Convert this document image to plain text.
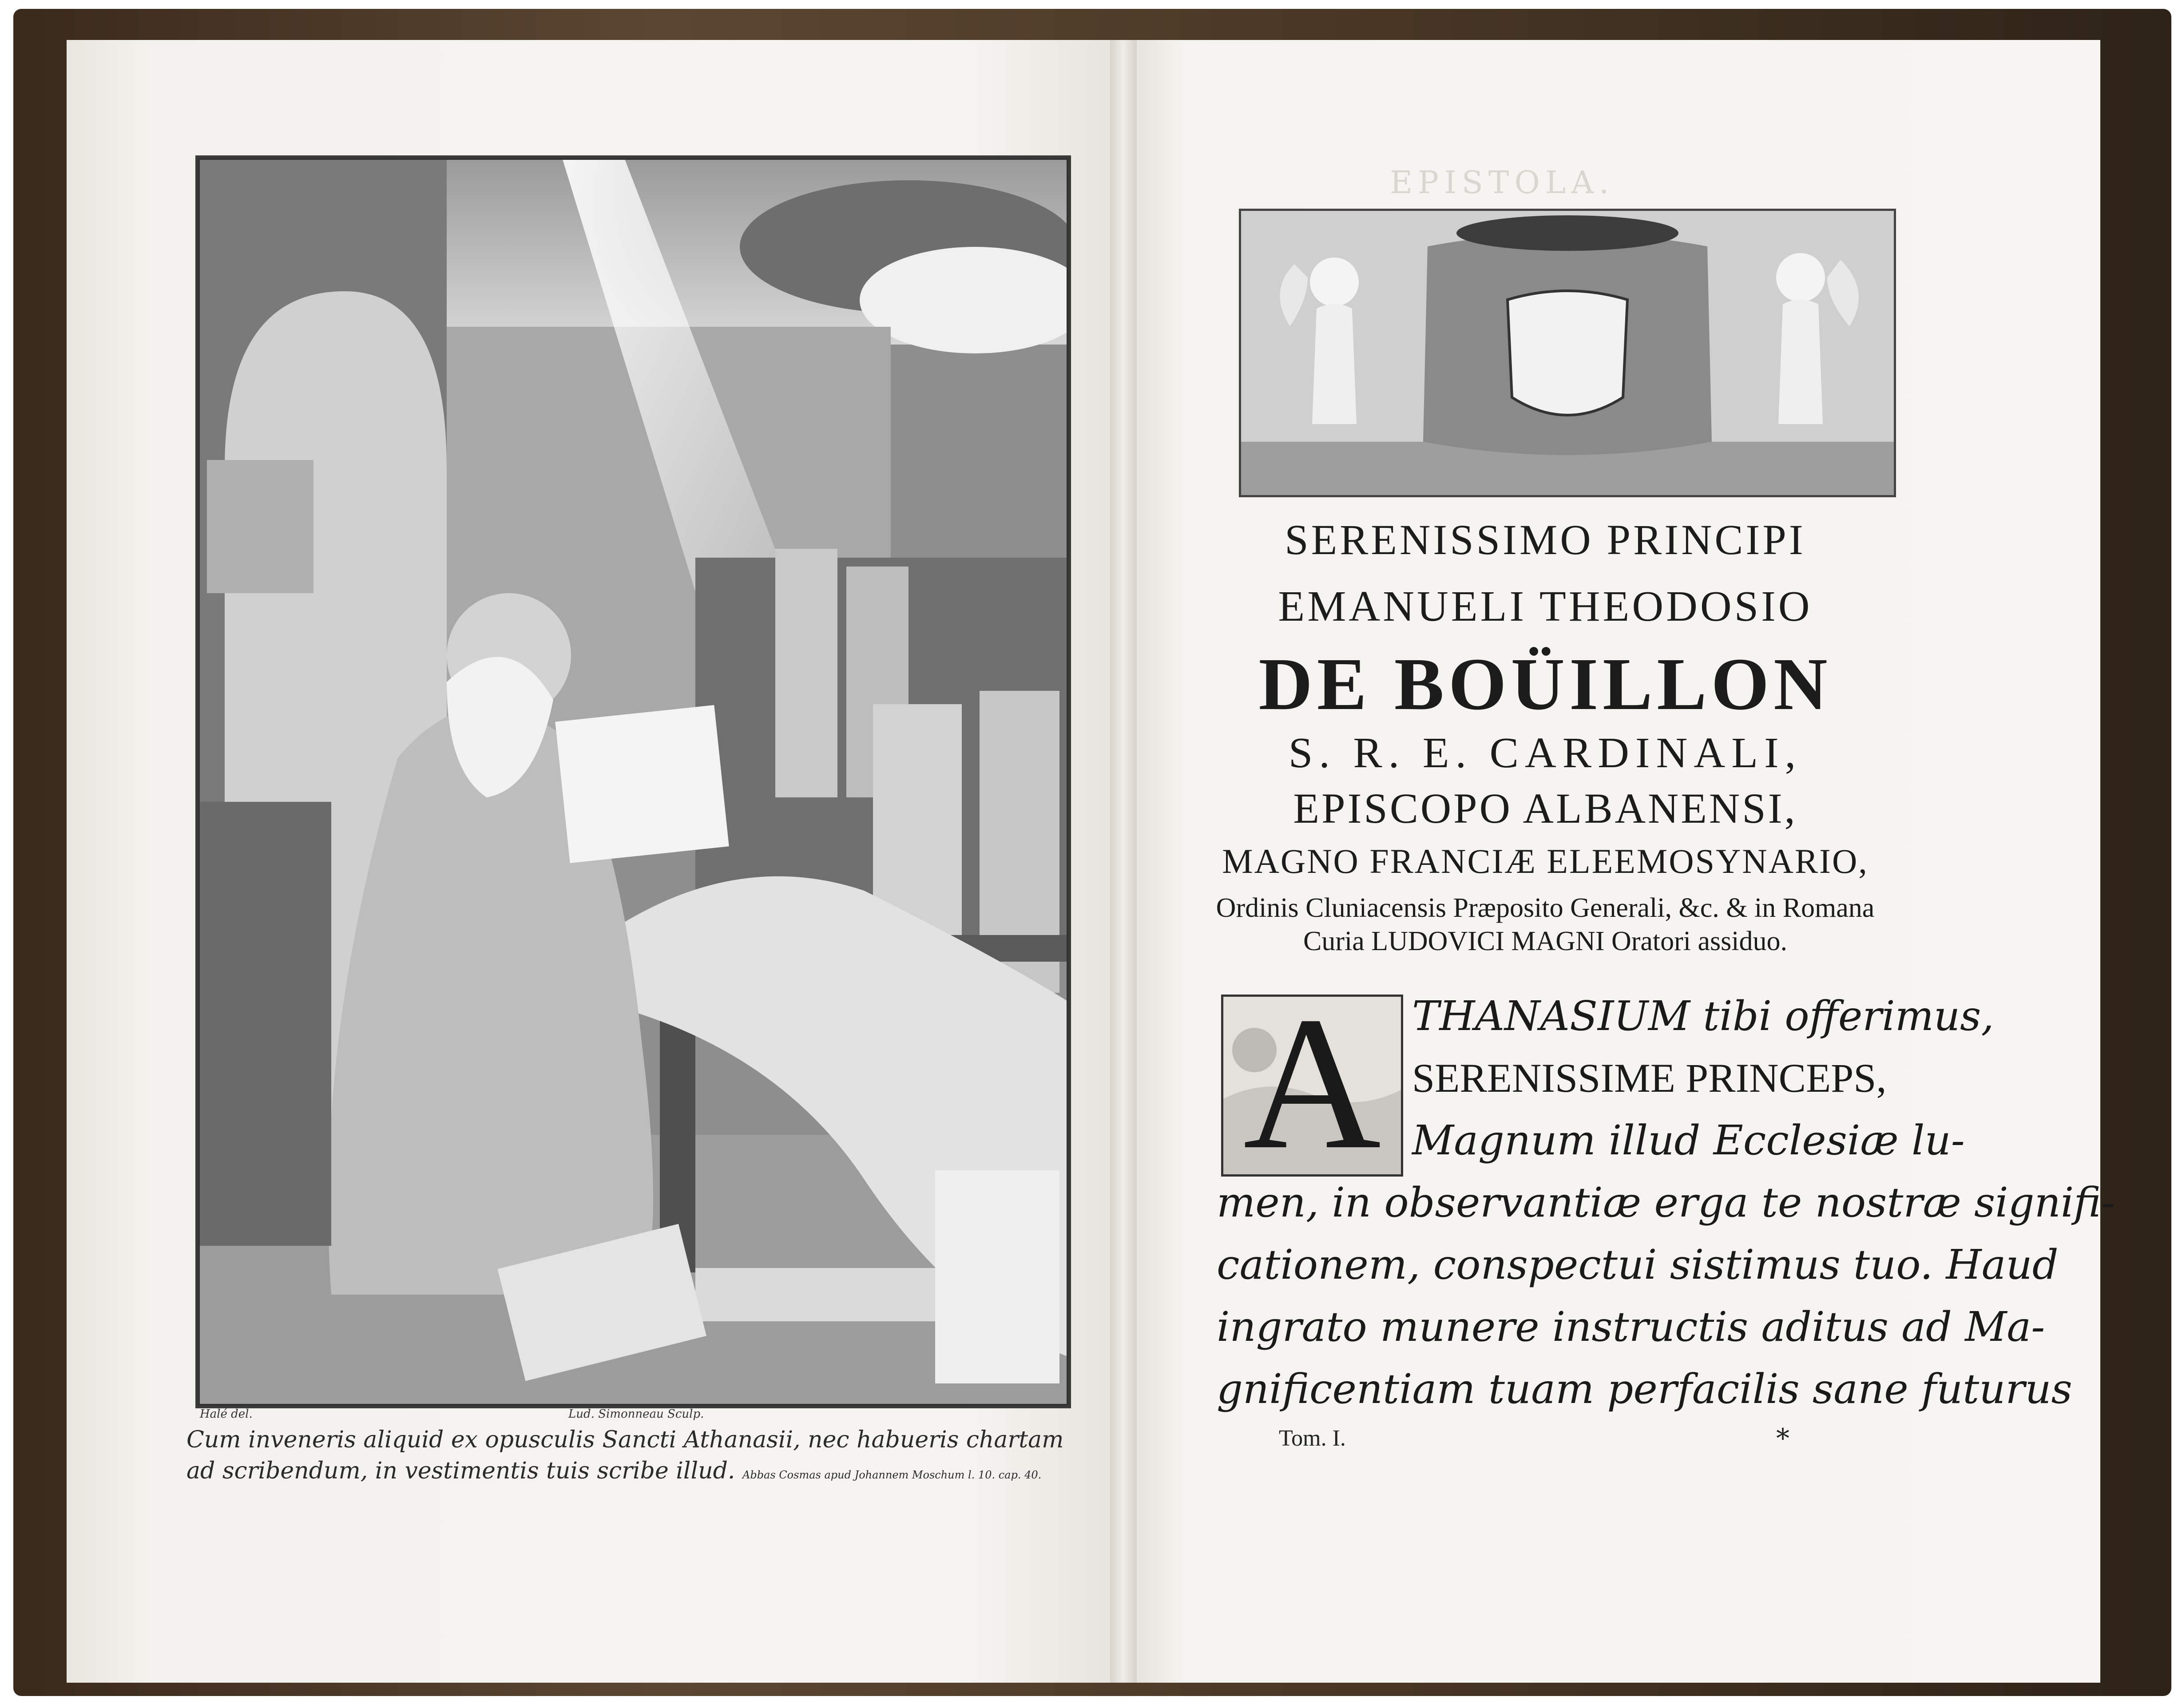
Halé del.	Lud. Simonneau Sculp.
Cum inveneris aliquid ex opusculis Sancti Athanasii, nec habueris chartam
ad scribendum, in vestimentis tuis scribe illud. Abbas Cosmas apud Johannem Moschum l. 10. cap. 40.
EPISTOLA.
SERENISSIMO PRINCIPI
EMANUELI THEODOSIO
DE BOÜILLON
S. R. E. CARDINALI,
EPISCOPO ALBANENSI,
MAGNO FRANCIÆ ELEEMOSYNARIO,
Ordinis Cluniacensis Præposito Generali, &c. & in Romana
Curia LUDOVICI MAGNI Oratori assiduo.
A THANASIUM tibi offerimus,
SERENISSIME PRINCEPS,
Magnum illud Ecclesiæ lu-
men, in observantiæ erga te nostræ signifi-
cationem, conspectui sistimus tuo. Haud
ingrato munere instructis aditus ad Ma-
gnificentiam tuam perfacilis sane futurus
Tom. I.	*
